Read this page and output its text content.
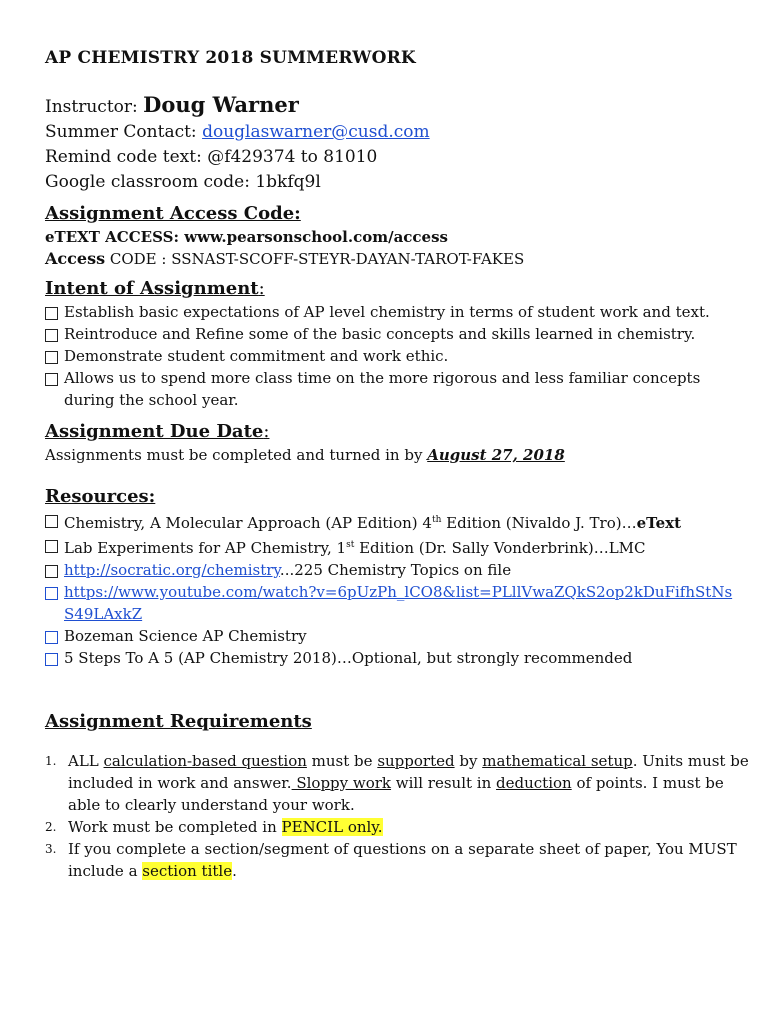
AP CHEMISTRY 2018 SUMMERWORK
Instructor: Doug Warner
Summer Contact: douglaswarner@cusd.com
Remind code text: @f429374 to 81010
Google classroom code: 1bkfq9l
Assignment Access Code:
eTEXT ACCESS: www.pearsonschool.com/access
Access CODE : SSNAST-SCOFF-STEYR-DAYAN-TAROT-FAKES
Intent of Assignment:
Establish basic expectations of AP level chemistry in terms of student work and text.
Reintroduce and Refine some of the basic concepts and skills learned in chemistry.
Demonstrate student commitment and work ethic.
Allows us to spend more class time on the more rigorous and less familiar concepts during the school year.
Assignment Due Date:
Assignments must be completed and turned in by August 27, 2018
Resources:
Chemistry, A Molecular Approach (AP Edition) 4th Edition (Nivaldo J. Tro)…eText
Lab Experiments for AP Chemistry, 1st Edition (Dr. Sally Vonderbrink)…LMC
http://socratic.org/chemistry...225 Chemistry Topics on file
https://www.youtube.com/watch?v=6pUzPh_lCO8&list=PLllVwaZQkS2op2kDuFifhStNsS49LAxkZ
Bozeman Science AP Chemistry
5 Steps To A 5 (AP Chemistry 2018)…Optional, but strongly recommended
Assignment Requirements
1. ALL calculation-based question must be supported by mathematical setup. Units must be included in work and answer. Sloppy work will result in deduction of points. I must be able to clearly understand your work.
2. Work must be completed in PENCIL only.
3. If you complete a section/segment of questions on a separate sheet of paper, You MUST include a section title.
